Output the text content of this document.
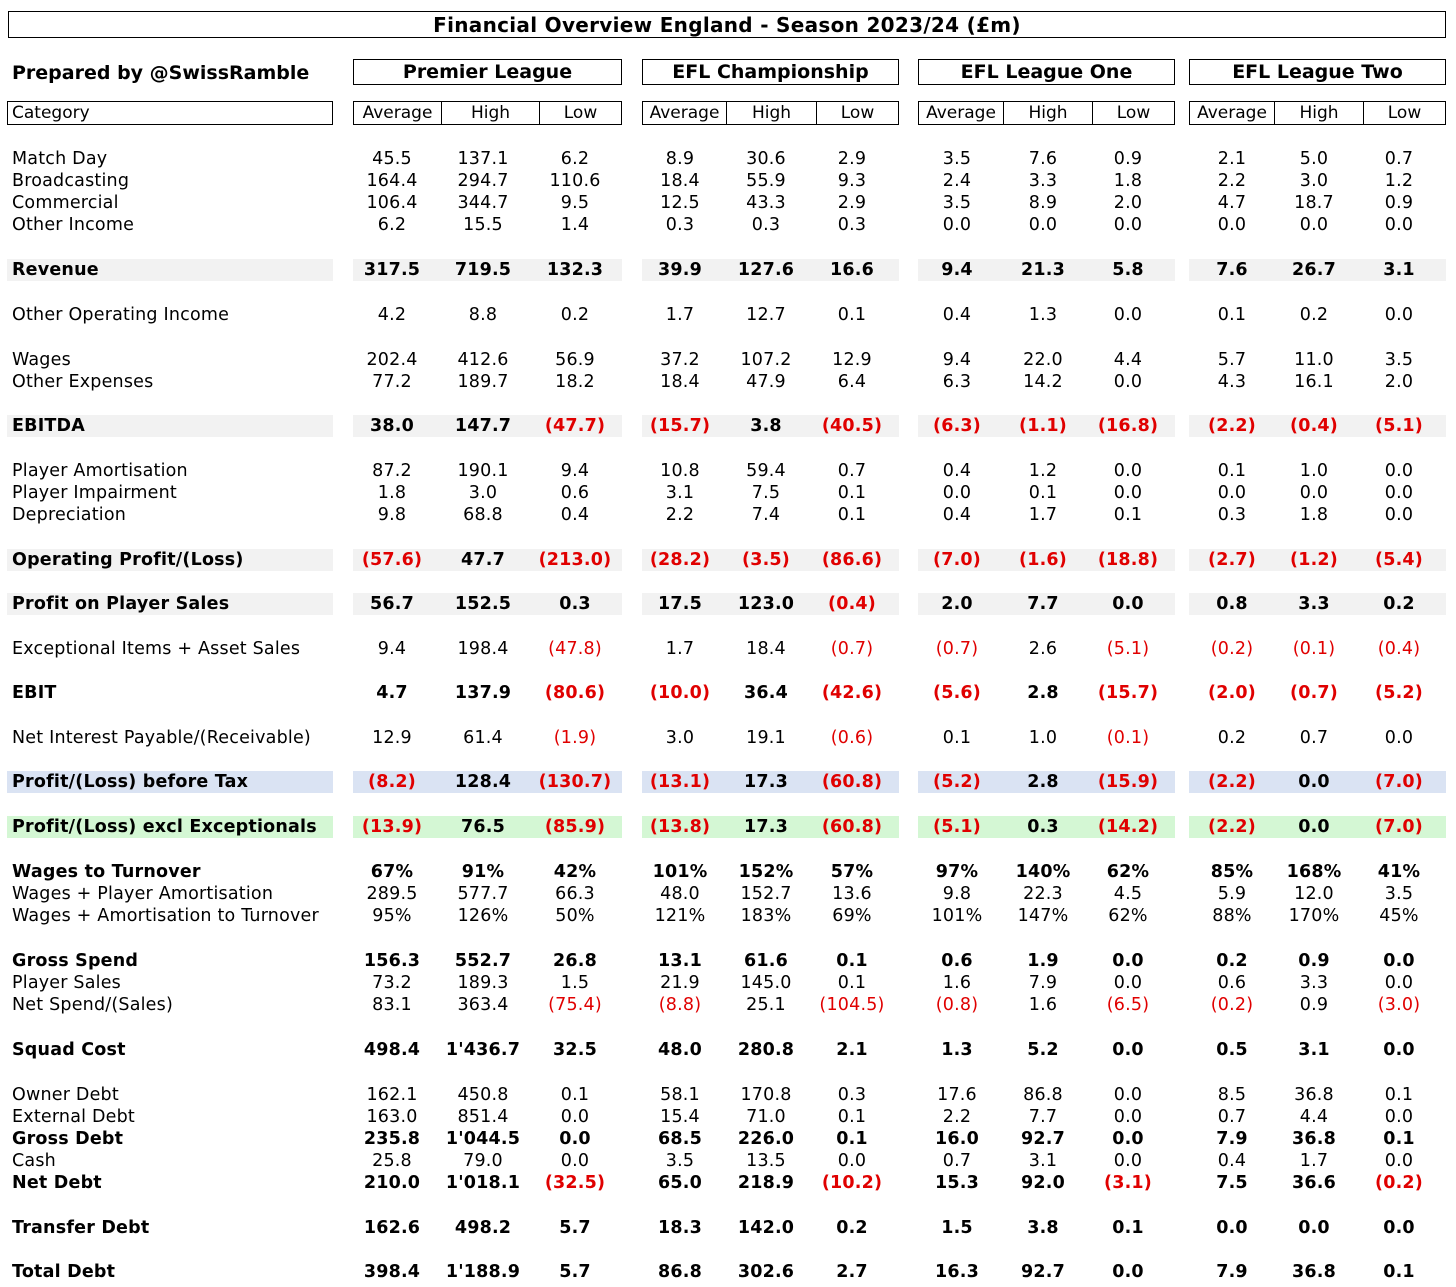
Financial Overview England - Season 2023/24 (£m)
Prepared by @SwissRamble
Category
Premier League
Average	High	Low
EFL Championship
Average	High	Low
EFL League One
Average	High	Low
EFL League Two
Average	High	Low
Match Day	45.5	137.1	6.2	8.9	30.6	2.9	3.5	7.6	0.9	2.1	5.0	0.7
Broadcasting	164.4	294.7	110.6	18.4	55.9	9.3	2.4	3.3	1.8	2.2	3.0	1.2
Commercial	106.4	344.7	9.5	12.5	43.3	2.9	3.5	8.9	2.0	4.7	18.7	0.9
Other Income	6.2	15.5	1.4	0.3	0.3	0.3	0.0	0.0	0.0	0.0	0.0	0.0
Revenue	317.5	719.5	132.3	39.9	127.6	16.6	9.4	21.3	5.8	7.6	26.7	3.1
Other Operating Income	4.2	8.8	0.2	1.7	12.7	0.1	0.4	1.3	0.0	0.1	0.2	0.0
Wages	202.4	412.6	56.9	37.2	107.2	12.9	9.4	22.0	4.4	5.7	11.0	3.5
Other Expenses	77.2	189.7	18.2	18.4	47.9	6.4	6.3	14.2	0.0	4.3	16.1	2.0
EBITDA	38.0	147.7	(47.7)	(15.7)	3.8	(40.5)	(6.3)	(1.1)	(16.8)	(2.2)	(0.4)	(5.1)
Player Amortisation	87.2	190.1	9.4	10.8	59.4	0.7	0.4	1.2	0.0	0.1	1.0	0.0
Player Impairment	1.8	3.0	0.6	3.1	7.5	0.1	0.0	0.1	0.0	0.0	0.0	0.0
Depreciation	9.8	68.8	0.4	2.2	7.4	0.1	0.4	1.7	0.1	0.3	1.8	0.0
Operating Profit/(Loss)	(57.6)	47.7	(213.0)	(28.2)	(3.5)	(86.6)	(7.0)	(1.6)	(18.8)	(2.7)	(1.2)	(5.4)
Profit on Player Sales	56.7	152.5	0.3	17.5	123.0	(0.4)	2.0	7.7	0.0	0.8	3.3	0.2
Exceptional Items + Asset Sales	9.4	198.4	(47.8)	1.7	18.4	(0.7)	(0.7)	2.6	(5.1)	(0.2)	(0.1)	(0.4)
EBIT	4.7	137.9	(80.6)	(10.0)	36.4	(42.6)	(5.6)	2.8	(15.7)	(2.0)	(0.7)	(5.2)
Net Interest Payable/(Receivable)	12.9	61.4	(1.9)	3.0	19.1	(0.6)	0.1	1.0	(0.1)	0.2	0.7	0.0
Profit/(Loss) before Tax	(8.2)	128.4	(130.7)	(13.1)	17.3	(60.8)	(5.2)	2.8	(15.9)	(2.2)	0.0	(7.0)
Profit/(Loss) excl Exceptionals	(13.9)	76.5	(85.9)	(13.8)	17.3	(60.8)	(5.1)	0.3	(14.2)	(2.2)	0.0	(7.0)
Wages to Turnover	67%	91%	42%	101%	152%	57%	97%	140%	62%	85%	168%	41%
Wages + Player Amortisation	289.5	577.7	66.3	48.0	152.7	13.6	9.8	22.3	4.5	5.9	12.0	3.5
Wages + Amortisation to Turnover	95%	126%	50%	121%	183%	69%	101%	147%	62%	88%	170%	45%
Gross Spend	156.3	552.7	26.8	13.1	61.6	0.1	0.6	1.9	0.0	0.2	0.9	0.0
Player Sales	73.2	189.3	1.5	21.9	145.0	0.1	1.6	7.9	0.0	0.6	3.3	0.0
Net Spend/(Sales)	83.1	363.4	(75.4)	(8.8)	25.1	(104.5)	(0.8)	1.6	(6.5)	(0.2)	0.9	(3.0)
Squad Cost	498.4	1'436.7	32.5	48.0	280.8	2.1	1.3	5.2	0.0	0.5	3.1	0.0
Owner Debt	162.1	450.8	0.1	58.1	170.8	0.3	17.6	86.8	0.0	8.5	36.8	0.1
External Debt	163.0	851.4	0.0	15.4	71.0	0.1	2.2	7.7	0.0	0.7	4.4	0.0
Gross Debt	235.8	1'044.5	0.0	68.5	226.0	0.1	16.0	92.7	0.0	7.9	36.8	0.1
Cash	25.8	79.0	0.0	3.5	13.5	0.0	0.7	3.1	0.0	0.4	1.7	0.0
Net Debt	210.0	1'018.1	(32.5)	65.0	218.9	(10.2)	15.3	92.0	(3.1)	7.5	36.6	(0.2)
Transfer Debt	162.6	498.2	5.7	18.3	142.0	0.2	1.5	3.8	0.1	0.0	0.0	0.0
Total Debt	398.4	1'188.9	5.7	86.8	302.6	2.7	16.3	92.7	0.0	7.9	36.8	0.1
